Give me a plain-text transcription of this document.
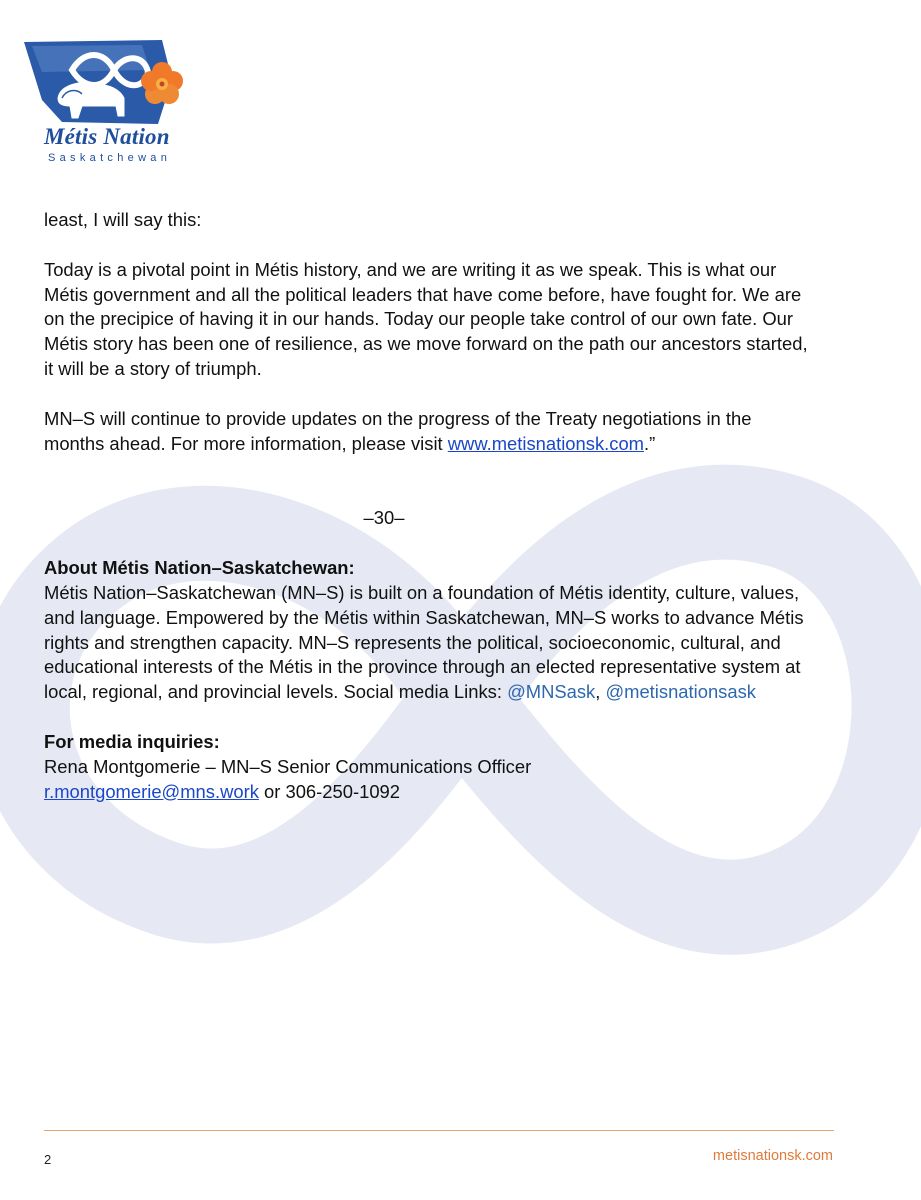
Métis Nation
Saskatchewan

least, I will say this:

Today is a pivotal point in Métis history, and we are writing it as we speak. This is what our Métis government and all the political leaders that have come before, have fought for. We are on the precipice of having it in our hands. Today our people take control of our own fate. Our Métis story has been one of resilience, as we move forward on the path our ancestors started, it will be a story of triumph.

MN–S will continue to provide updates on the progress of the Treaty negotiations in the months ahead. For more information, please visit www.metisnationsk.com.”

–30–

About Métis Nation–Saskatchewan:

Métis Nation–Saskatchewan (MN–S) is built on a foundation of Métis identity, culture, values, and language. Empowered by the Métis within Saskatchewan, MN–S works to advance Métis rights and strengthen capacity. MN–S represents the political, socioeconomic, cultural, and educational interests of the Métis in the province through an elected representative system at local, regional, and provincial levels. Social media Links: @MNSask, @metisnationsask

For media inquiries:

Rena Montgomerie – MN–S Senior Communications Officer

r.montgomerie@mns.work or 306-250-1092

2	metisnationsk.com
